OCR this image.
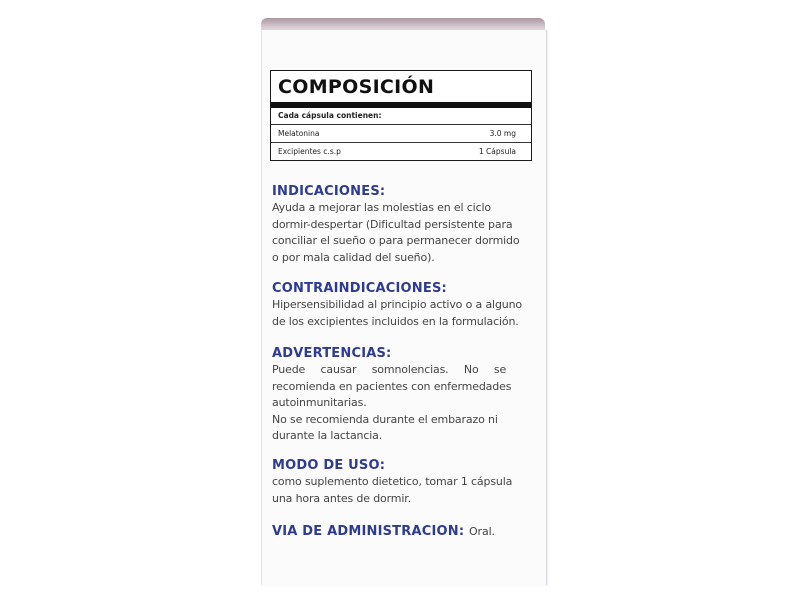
COMPOSICIÓN
Cada cápsula contienen:
Melatonina	3.0 mg
Excipientes c.s.p	1 Cápsula

INDICACIONES:

Ayuda a mejorar las molestias en el ciclo

dormir-despertar (Dificultad persistente para

conciliar el sueño o para permanecer dormido

o por mala calidad del sueño).

CONTRAINDICACIONES:

Hipersensibilidad al principio activo o a alguno

de los excipientes incluidos en la formulación.

ADVERTENCIAS:

Puede causar somnolencias. No se

recomienda en pacientes con enfermedades

autoinmunitarias.

No se recomienda durante el embarazo ni

durante la lactancia.

MODO DE USO:

como suplemento dietetico, tomar 1 cápsula

una hora antes de dormir.

VIA DE ADMINISTRACION: Oral.
